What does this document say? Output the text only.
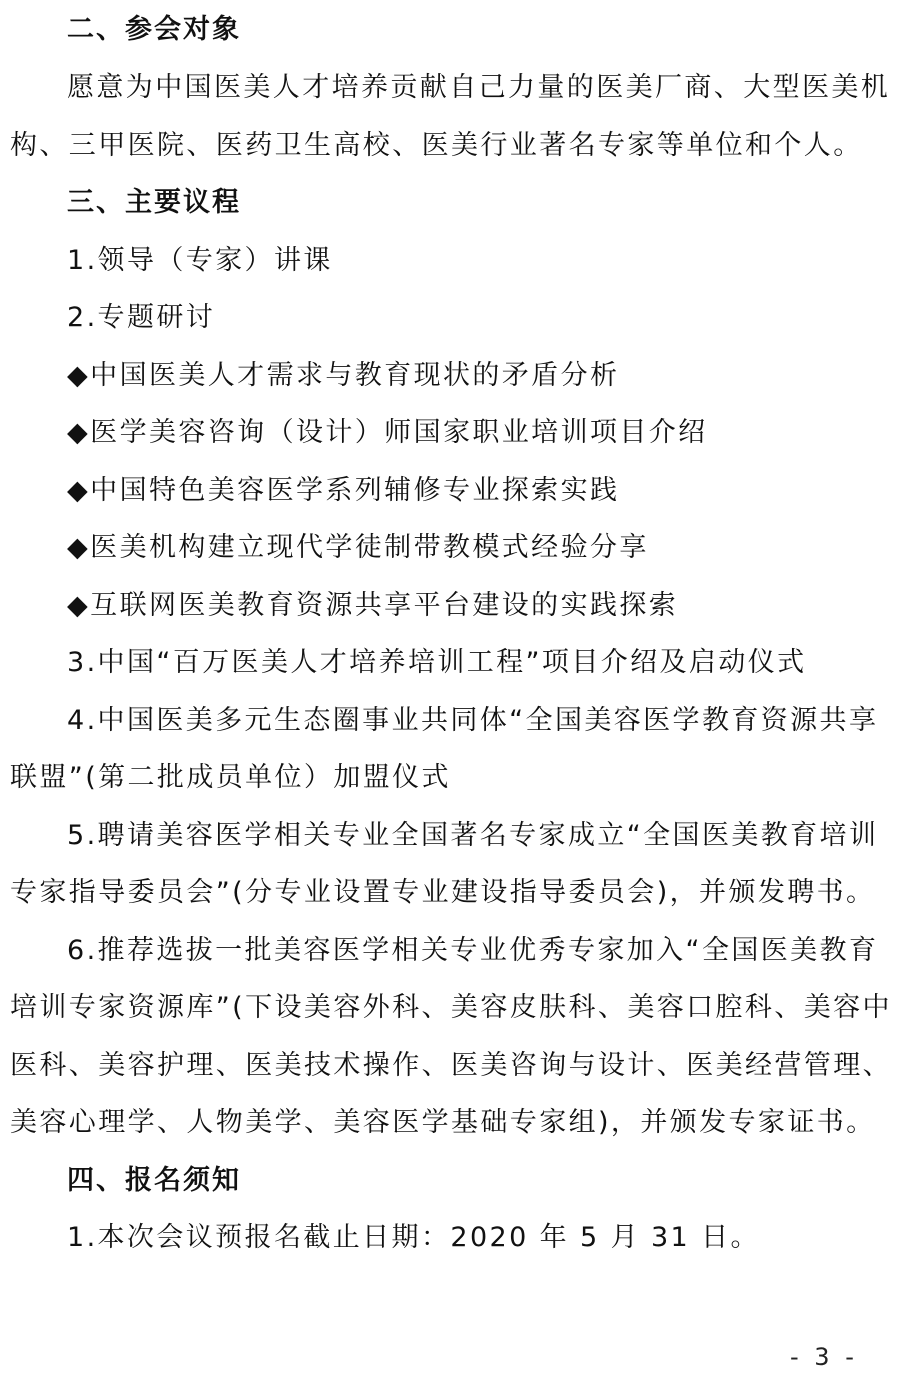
二、参会对象
愿意为中国医美人才培养贡献自己力量的医美厂商、大型医美机
构、三甲医院、医药卫生高校、医美行业著名专家等单位和个人。
三、主要议程
1.领导（专家）讲课
2.专题研讨
◆中国医美人才需求与教育现状的矛盾分析
◆医学美容咨询（设计）师国家职业培训项目介绍
◆中国特色美容医学系列辅修专业探索实践
◆医美机构建立现代学徒制带教模式经验分享
◆互联网医美教育资源共享平台建设的实践探索
3.中国“百万医美人才培养培训工程”项目介绍及启动仪式
4.中国医美多元生态圈事业共同体“全国美容医学教育资源共享
联盟”(第二批成员单位）加盟仪式
5.聘请美容医学相关专业全国著名专家成立“全国医美教育培训
专家指导委员会”(分专业设置专业建设指导委员会)，并颁发聘书。
6.推荐选拔一批美容医学相关专业优秀专家加入“全国医美教育
培训专家资源库”(下设美容外科、美容皮肤科、美容口腔科、美容中
医科、美容护理、医美技术操作、医美咨询与设计、医美经营管理、
美容心理学、人物美学、美容医学基础专家组)，并颁发专家证书。
四、报名须知
1.本次会议预报名截止日期：2020 年 5 月 31 日。
- 3 -
